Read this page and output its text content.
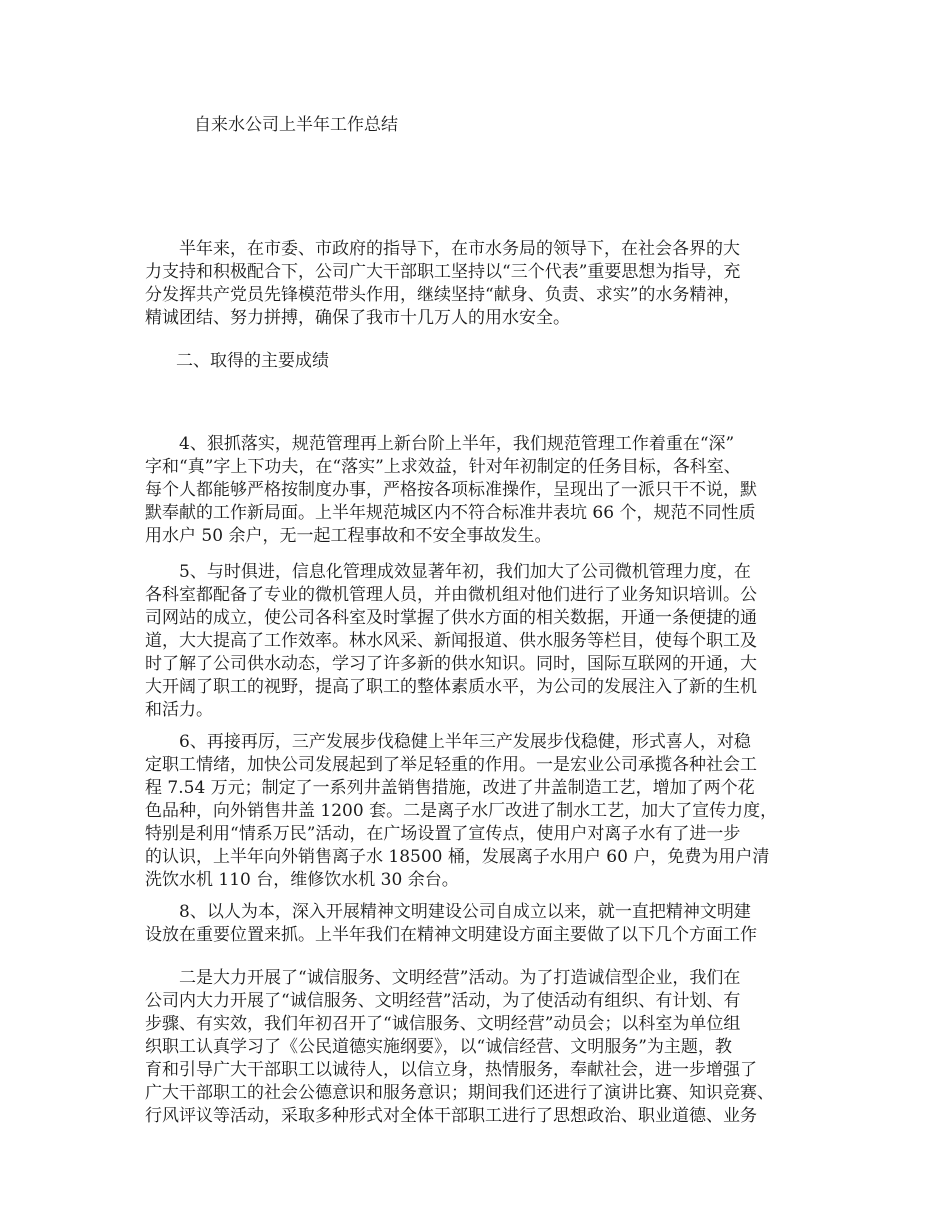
自来水公司上半年工作总结
　　半年来，在市委、市政府的指导下，在市水务局的领导下，在社会各界的大
力支持和积极配合下，公司广大干部职工坚持以“三个代表”重要思想为指导，充
分发挥共产党员先锋模范带头作用，继续坚持“献身、负责、求实”的水务精神，
精诚团结、努力拼搏，确保了我市十几万人的用水安全。
二、取得的主要成绩
　　4、狠抓落实，规范管理再上新台阶上半年，我们规范管理工作着重在“深”
字和“真”字上下功夫，在“落实”上求效益，针对年初制定的任务目标，各科室、
每个人都能够严格按制度办事，严格按各项标准操作，呈现出了一派只干不说，默
默奉献的工作新局面。上半年规范城区内不符合标准井表坑 66 个，规范不同性质
用水户 50 余户，无一起工程事故和不安全事故发生。
　　5、与时俱进，信息化管理成效显著年初，我们加大了公司微机管理力度，在
各科室都配备了专业的微机管理人员，并由微机组对他们进行了业务知识培训。公
司网站的成立，使公司各科室及时掌握了供水方面的相关数据，开通一条便捷的通
道，大大提高了工作效率。林水风采、新闻报道、供水服务等栏目，使每个职工及
时了解了公司供水动态，学习了许多新的供水知识。同时，国际互联网的开通，大
大开阔了职工的视野，提高了职工的整体素质水平，为公司的发展注入了新的生机
和活力。
　　6、再接再厉，三产发展步伐稳健上半年三产发展步伐稳健，形式喜人，对稳
定职工情绪，加快公司发展起到了举足轻重的作用。一是宏业公司承揽各种社会工
程 7.54 万元；制定了一系列井盖销售措施，改进了井盖制造工艺，增加了两个花
色品种，向外销售井盖 1200 套。二是离子水厂改进了制水工艺，加大了宣传力度，
特别是利用“情系万民”活动，在广场设置了宣传点，使用户对离子水有了进一步
的认识，上半年向外销售离子水 18500 桶，发展离子水用户 60 户，免费为用户清
洗饮水机 110 台，维修饮水机 30 余台。
　　8、以人为本，深入开展精神文明建设公司自成立以来，就一直把精神文明建
设放在重要位置来抓。上半年我们在精神文明建设方面主要做了以下几个方面工作
　　二是大力开展了“诚信服务、文明经营”活动。为了打造诚信型企业，我们在
公司内大力开展了“诚信服务、文明经营”活动，为了使活动有组织、有计划、有
步骤、有实效，我们年初召开了“诚信服务、文明经营”动员会；以科室为单位组
织职工认真学习了《公民道德实施纲要》，以“诚信经营、文明服务”为主题，教
育和引导广大干部职工以诚待人，以信立身，热情服务，奉献社会，进一步增强了
广大干部职工的社会公德意识和服务意识；期间我们还进行了演讲比赛、知识竞赛、
行风评议等活动，采取多种形式对全体干部职工进行了思想政治、职业道德、业务
